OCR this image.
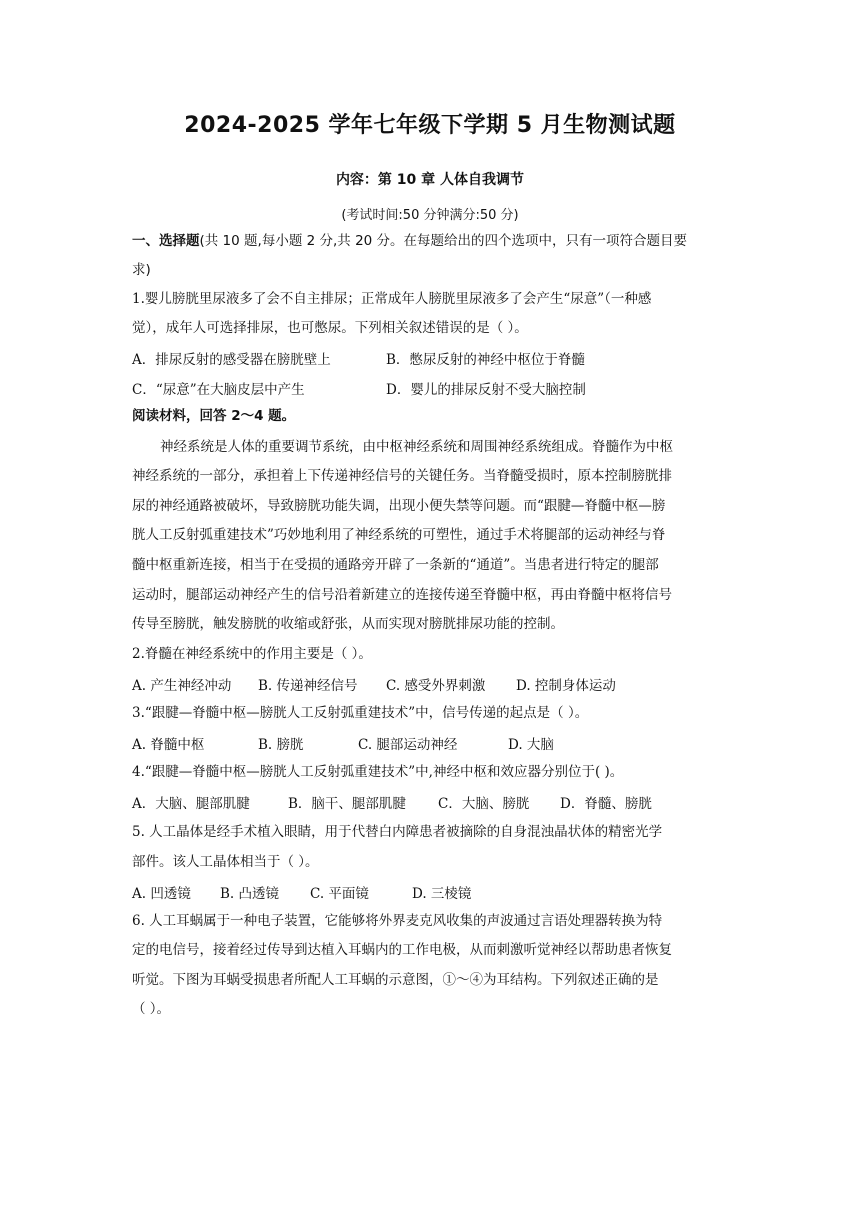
2024-2025 学年七年级下学期 5 月生物测试题
内容：第 10 章 人体自我调节
(考试时间:50 分钟满分:50 分)
一、选择题(共 10 题,每小题 2 分,共 20 分。在每题给出的四个选项中，只有一项符合题目要
求)
1.婴儿膀胱里尿液多了会不自主排尿；正常成年人膀胱里尿液多了会产生“尿意”（一种感
觉），成年人可选择排尿，也可憋尿。下列相关叙述错误的是（ ）。
A．排尿反射的感受器在膀胱壁上	B．憋尿反射的神经中枢位于脊髓
C．“尿意”在大脑皮层中产生	D．婴儿的排尿反射不受大脑控制
阅读材料，回答 2～4 题。
神经系统是人体的重要调节系统，由中枢神经系统和周围神经系统组成。脊髓作为中枢
神经系统的一部分，承担着上下传递神经信号的关键任务。当脊髓受损时，原本控制膀胱排
尿的神经通路被破坏，导致膀胱功能失调，出现小便失禁等问题。而“跟腱—脊髓中枢—膀
胱人工反射弧重建技术”巧妙地利用了神经系统的可塑性，通过手术将腿部的运动神经与脊
髓中枢重新连接，相当于在受损的通路旁开辟了一条新的“通道”。当患者进行特定的腿部
运动时，腿部运动神经产生的信号沿着新建立的连接传递至脊髓中枢，再由脊髓中枢将信号
传导至膀胱，触发膀胱的收缩或舒张，从而实现对膀胱排尿功能的控制。
2.脊髓在神经系统中的作用主要是（ ）。
A. 产生神经冲动 B. 传递神经信号 C. 感受外界刺激 D. 控制身体运动
3.“跟腱—脊髓中枢—膀胱人工反射弧重建技术”中，信号传递的起点是（ ）。
A. 脊髓中枢	B. 膀胱	C. 腿部运动神经	D. 大脑
4.“跟腱—脊髓中枢—膀胱人工反射弧重建技术”中,神经中枢和效应器分别位于( )。
A．大脑、腿部肌腱	B．脑干、腿部肌腱 C．大脑、膀胱 D．脊髓、膀胱
5. 人工晶体是经手术植入眼睛，用于代替白内障患者被摘除的自身混浊晶状体的精密光学
部件。该人工晶体相当于（ ）。
A. 凹透镜 B. 凸透镜 C. 平面镜	D. 三棱镜
6. 人工耳蜗属于一种电子装置，它能够将外界麦克风收集的声波通过言语处理器转换为特
定的电信号，接着经过传导到达植入耳蜗内的工作电极，从而刺激听觉神经以帮助患者恢复
听觉。下图为耳蜗受损患者所配人工耳蜗的示意图，①～④为耳结构。下列叙述正确的是
（ ）。
